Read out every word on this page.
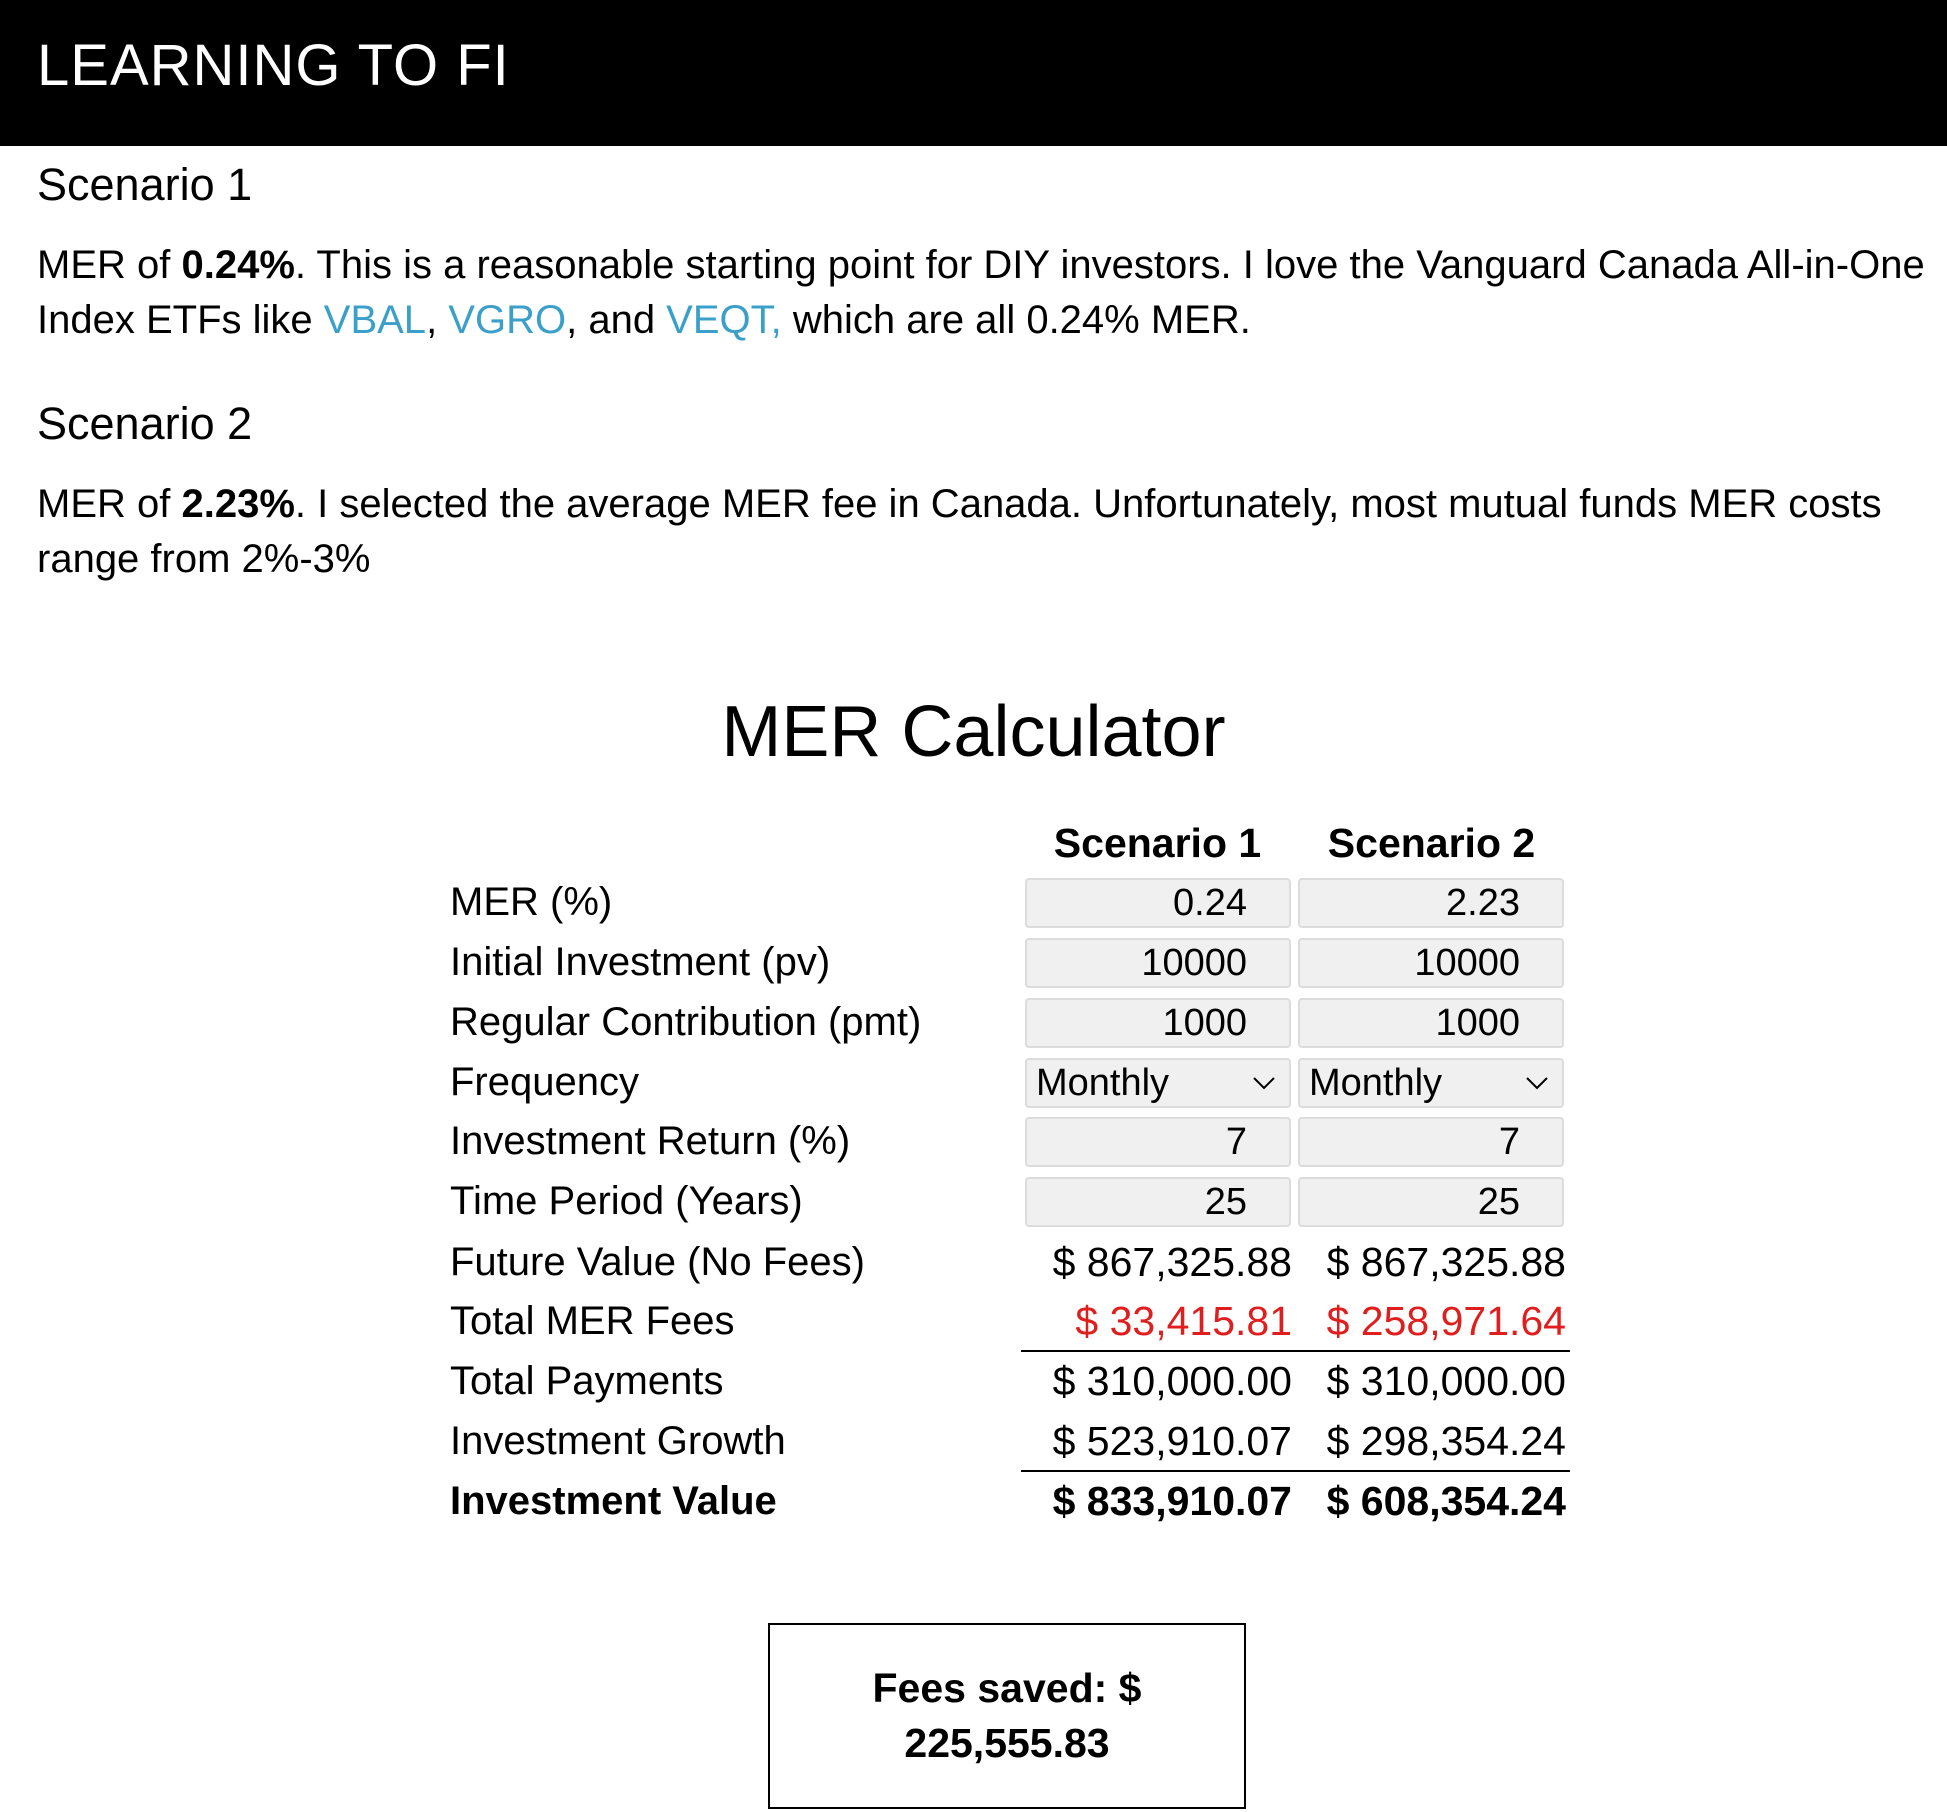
LEARNING TO FI
Scenario 1

MER of 0.24%. This is a reasonable starting point for DIY investors. I love the Vanguard Canada All-in-One Index ETFs like VBAL, VGRO, and VEQT, which are all 0.24% MER.

Scenario 2

MER of 2.23%. I selected the average MER fee in Canada. Unfortunately, most mutual funds MER costs range from 2%-3%

MER Calculator
Scenario 1	Scenario 2
MER (%)
Initial Investment (pv)
Regular Contribution (pmt)
Frequency
Investment Return (%)
Time Period (Years)
Future Value (No Fees)
Total MER Fees
Total Payments
Investment Growth
Investment Value
0.24
10000
1000
Monthly
7
25
2.23
10000
1000	Monthly
7
25
$ 867,325.88
$ 33,415.81
$ 310,000.00
$ 523,910.07
$ 833,910.07
$ 867,325.88
$ 258,971.64
$ 310,000.00
$ 298,354.24
$ 608,354.24
Fees saved: $
225,555.83
